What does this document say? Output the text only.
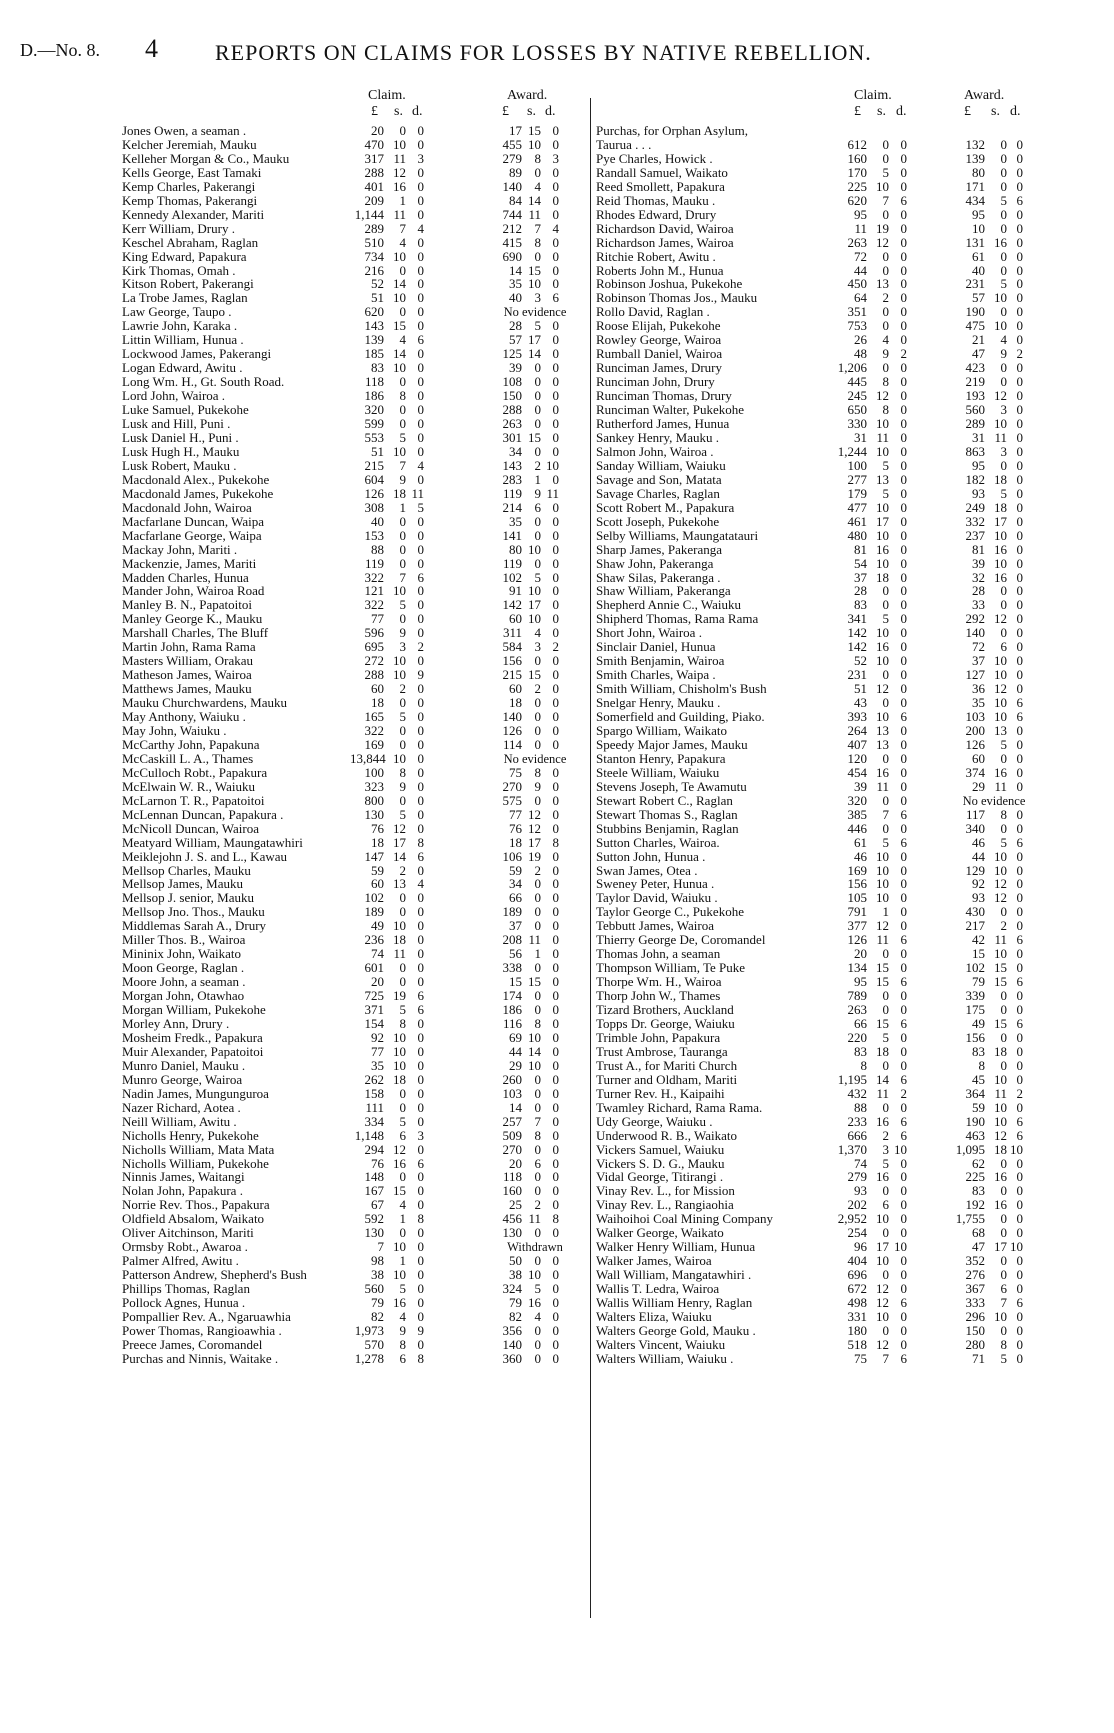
D.—No. 8. 4	REPORTS ON CLAIMS FOR LOSSES BY NATIVE REBELLION.
Claim.	Award.
£ s. d.	£ s. d.
Jones Owen, a seaman .	20	0 0	17 15 0
Kelcher Jeremiah, Mauku	470 10 0	455 10 0
Kelleher Morgan & Co., Mauku	317 11 3	279 8 3
Kells George, East Tamaki	288 12 0	89 0 0
Kemp Charles, Pakerangi	401 16 0	140 4 0
Kemp Thomas, Pakerangi	209	1 0	84 14 0
Kennedy Alexander, Mariti	1,144 11 0	744 11 0
Kerr William, Drury .	289	7 4	212 7 4
Keschel Abraham, Raglan	510	4 0	415 8 0
King Edward, Papakura	734 10 0	690 0 0
Kirk Thomas, Omah .	216	0 0	14 15 0
Kitson Robert, Pakerangi	52 14 0	35 10 0
La Trobe James, Raglan	51 10 0	40 3 6
Law George, Taupo .	620	0 0	No evidence
Lawrie John, Karaka .	143 15 0	28 5 0
Littin William, Hunua .	139	4 6	57 17 0
Lockwood James, Pakerangi	185 14 0	125 14 0
Logan Edward, Awitu .	83 10 0	39 0 0
Long Wm. H., Gt. South Road.	118	0 0	108 0 0
Lord John, Wairoa .	186	8 0	150 0 0
Luke Samuel, Pukekohe	320	0 0	288 0 0
Lusk and Hill, Puni .	599	0 0	263 0 0
Lusk Daniel H., Puni .	553	5 0	301 15 0
Lusk Hugh H., Mauku	51 10 0	34 0 0
Lusk Robert, Mauku .	215	7 4	143 2 10
Macdonald Alex., Pukekohe	604	9 0	283 1 0
Macdonald James, Pukekohe	126 18 11	119 9 11
Macdonald John, Wairoa	308	1 5	214 6 0
Macfarlane Duncan, Waipa	40	0 0	35 0 0
Macfarlane George, Waipa	153	0 0	141 0 0
Mackay John, Mariti .	88	0 0	80 10 0
Mackenzie, James, Mariti	119	0 0	119 0 0
Madden Charles, Hunua	322	7 6	102 5 0
Mander John, Wairoa Road	121 10 0	91 10 0
Manley B. N., Papatoitoi	322	5 0	142 17 0
Manley George K., Mauku	77	0 0	60 10 0
Marshall Charles, The Bluff	596	9 0	311 4 0
Martin John, Rama Rama	695	3 2	584 3 2
Masters William, Orakau	272 10 0	156 0 0
Matheson James, Wairoa	288 10 9	215 15 0
Matthews James, Mauku	60	2 0	60 2 0
Mauku Churchwardens, Mauku	18	0 0	18 0 0
May Anthony, Waiuku .	165	5 0	140 0 0
May John, Waiuku .	322	0 0	126 0 0
McCarthy John, Papakuna	169	0 0	114 0 0
McCaskill L. A., Thames	13,844 10 0	No evidence
McCulloch Robt., Papakura	100	8 0	75 8 0
McElwain W. R., Waiuku	323	9 0	270 9 0
McLarnon T. R., Papatoitoi	800	0 0	575 0 0
McLennan Duncan, Papakura .	130	5 0	77 12 0
McNicoll Duncan, Wairoa	76 12 0	76 12 0
Meatyard William, Maungatawhiri	18 17 8	18 17 8
Meiklejohn J. S. and L., Kawau	147 14 6	106 19 0
Mellsop Charles, Mauku	59	2 0	59 2 0
Mellsop James, Mauku	60 13 4	34 0 0
Mellsop J. senior, Mauku	102	0 0	66 0 0
Mellsop Jno. Thos., Mauku	189	0 0	189 0 0
Middlemas Sarah A., Drury	49 10 0	37 0 0
Miller Thos. B., Wairoa	236 18 0	208 11 0
Mininix John, Waikato	74 11 0	56 1 0
Moon George, Raglan .	601	0 0	338 0 0
Moore John, a seaman .	20	0 0	15 15 0
Morgan John, Otawhao	725 19 6	174 0 0
Morgan William, Pukekohe	371	5 6	186 0 0
Morley Ann, Drury .	154	8 0	116 8 0
Mosheim Fredk., Papakura	92 10 0	69 10 0
Muir Alexander, Papatoitoi	77 10 0	44 14 0
Munro Daniel, Mauku .	35 10 0	29 10 0
Munro George, Wairoa	262 18 0	260 0 0
Nadin James, Mungunguroa	158	0 0	103 0 0
Nazer Richard, Aotea .	111	0 0	14 0 0
Neill William, Awitu .	334	5 0	257 7 0
Nicholls Henry, Pukekohe	1,148	6 3	509 8 0
Nicholls William, Mata Mata	294 12 0	270 0 0
Nicholls William, Pukekohe	76 16 6	20 6 0
Ninnis James, Waitangi	148	0 0	118 0 0
Nolan John, Papakura .	167 15 0	160 0 0
Norrie Rev. Thos., Papakura	67	4 0	25 2 0
Oldfield Absalom, Waikato	592	1 8	456 11 8
Oliver Aitchinson, Mariti	130	0 0	130 0 0
Ormsby Robt., Awaroa .	7 10 0	Withdrawn
Palmer Alfred, Awitu .	98	1 0	50 0 0
Patterson Andrew, Shepherd's Bush	38 10 0	38 10 0
Phillips Thomas, Raglan	560	5 0	324 5 0
Pollock Agnes, Hunua .	79 16 0	79 16 0
Pompallier Rev. A., Ngaruawhia	82	4 0	82 4 0
Power Thomas, Rangioawhia .	1,973	9 9	356 0 0
Preece James, Coromandel	570	8 0	140 0 0
Purchas and Ninnis, Waitake .	1,278	6 8	360 0 0
Claim.	Award.
£ s. d.	£ s. d.
Purchas, for Orphan Asylum,
Taurua . . .	612	0 0	132	0 0
Pye Charles, Howick .	160	0 0	139	0 0
Randall Samuel, Waikato	170	5 0	80	0 0
Reed Smollett, Papakura	225 10 0	171	0 0
Reid Thomas, Mauku .	620	7 6	434	5 6
Rhodes Edward, Drury	95	0 0	95	0 0
Richardson David, Wairoa	11 19 0	10	0 0
Richardson James, Wairoa	263 12 0	131 16 0
Ritchie Robert, Awitu .	72	0 0	61	0 0
Roberts John M., Hunua	44	0 0	40	0 0
Robinson Joshua, Pukekohe	450 13 0	231	5 0
Robinson Thomas Jos., Mauku	64	2 0	57 10 0
Rollo David, Raglan .	351	0 0	190	0 0
Roose Elijah, Pukekohe	753	0 0	475 10 0
Rowley George, Wairoa	26	4 0	21	4 0
Rumball Daniel, Wairoa	48	9 2	47	9 2
Runciman James, Drury	1,206	0 0	423	0 0
Runciman John, Drury	445	8 0	219	0 0
Runciman Thomas, Drury	245 12 0	193 12 0
Runciman Walter, Pukekohe	650	8 0	560	3 0
Rutherford James, Hunua	330 10 0	289 10 0
Sankey Henry, Mauku .	31 11 0	31 11 0
Salmon John, Wairoa .	1,244 10 0	863	3 0
Sanday William, Waiuku	100	5 0	95	0 0
Savage and Son, Matata	277 13 0	182 18 0
Savage Charles, Raglan	179	5 0	93	5 0
Scott Robert M., Papakura	477 10 0	249 18 0
Scott Joseph, Pukekohe	461 17 0	332 17 0
Selby Williams, Maungatatauri	480 10 0	237 10 0
Sharp James, Pakeranga	81 16 0	81 16 0
Shaw John, Pakeranga	54 10 0	39 10 0
Shaw Silas, Pakeranga .	37 18 0	32 16 0
Shaw William, Pakeranga	28	0 0	28	0 0
Shepherd Annie C., Waiuku	83	0 0	33	0 0
Shipherd Thomas, Rama Rama	341	5 0	292 12 0
Short John, Wairoa .	142 10 0	140	0 0
Sinclair Daniel, Hunua	142 16 0	72	6 0
Smith Benjamin, Wairoa	52 10 0	37 10 0
Smith Charles, Waipa .	231	0 0	127 10 0
Smith William, Chisholm's Bush	51 12 0	36 12 0
Snelgar Henry, Mauku .	43	0 0	35 10 6
Somerfield and Guilding, Piako.	393 10 6	103 10 6
Spargo William, Waikato	264 13 0	200 13 0
Speedy Major James, Mauku	407 13 0	126	5 0
Stanton Henry, Papakura	120	0 0	60	0 0
Steele William, Waiuku	454 16 0	374 16 0
Stevens Joseph, Te Awamutu	39 11 0	29 11 0
Stewart Robert C., Raglan	320	0 0	No evidence
Stewart Thomas S., Raglan	385	7 6	117	8 0
Stubbins Benjamin, Raglan	446	0 0	340	0 0
Sutton Charles, Wairoa.	61	5 6	46	5 6
Sutton John, Hunua .	46 10 0	44 10 0
Swan James, Otea .	169 10 0	129 10 0
Sweney Peter, Hunua .	156 10 0	92 12 0
Taylor David, Waiuku .	105 10 0	93 12 0
Taylor George C., Pukekohe	791	1 0	430	0 0
Tebbutt James, Wairoa	377 12 0	217	2 0
Thierry George De, Coromandel	126 11 6	42 11 6
Thomas John, a seaman	20	0 0	15 10 0
Thompson William, Te Puke	134 15 0	102 15 0
Thorpe Wm. H., Wairoa	95 15 6	79 15 6
Thorp John W., Thames	789	0 0	339	0 0
Tizard Brothers, Auckland	263	0 0	175	0 0
Topps Dr. George, Waiuku	66 15 6	49 15 6
Trimble John, Papakura	220	5 0	156	0 0
Trust Ambrose, Tauranga	83 18 0	83 18 0
Trust A., for Mariti Church	8	0 0	8	0 0
Turner and Oldham, Mariti	1,195 14 6	45 10 0
Turner Rev. H., Kaipaihi	432 11 2	364 11 2
Twamley Richard, Rama Rama.	88	0 0	59 10 0
Udy George, Waiuku .	233 16 6	190 10 6
Underwood R. B., Waikato	666	2 6	463 12 6
Vickers Samuel, Waiuku	1,370	3 10	1,095 18 10
Vickers S. D. G., Mauku	74	5 0	62	0 0
Vidal George, Titirangi .	279 16 0	225 16 0
Vinay Rev. L., for Mission	93	0 0	83	0 0
Vinay Rev. L., Rangiaohia	202	6 0	192 16 0
Waihoihoi Coal Mining Company	2,952 10 0	1,755	0 0
Walker George, Waikato	254	0 0	68	0 0
Walker Henry William, Hunua	96 17 10	47 17 10
Walker James, Wairoa	404 10 0	352	0 0
Wall William, Mangatawhiri .	696	0 0	276	0 0
Wallis T. Ledra, Wairoa	672 12 0	367	6 0
Wallis William Henry, Raglan	498 12 6	333	7 6
Walters Eliza, Waiuku	331 10 0	296 10 0
Walters George Gold, Mauku .	180	0 0	150	0 0
Walters Vincent, Waiuku	518 12 0	280	8 0
Walters William, Waiuku .	75	7 6	71	5 0
